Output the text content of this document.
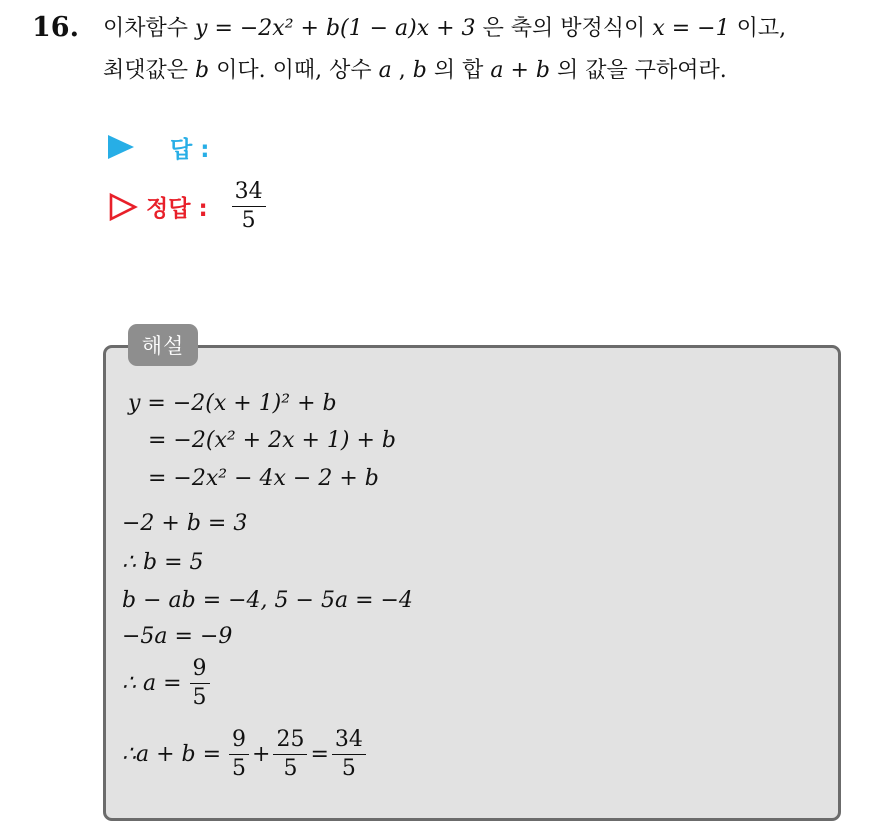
16. 이차함수 y = −2x² + b(1 − a)x + 3 은 축의 방정식이 x = −1 이고,
최댓값은 b 이다. 이때, 상수 a , b 의 합 a + b 의 값을 구하여라.
답 :
정답 : $\frac{34}{5}$
해설
y = −2(x + 1)² + b
= −2(x² + 2x + 1) + b
= −2x² − 4x − 2 + b
−2 + b = 3
∴ b = 5
b − ab = −4, 5 − 5a = −4
−5a = −9
∴ $a = \frac{9}{5}$
∴a + $b = \frac{9}{5} + \frac{25}{5} = \frac{34}{5}$
